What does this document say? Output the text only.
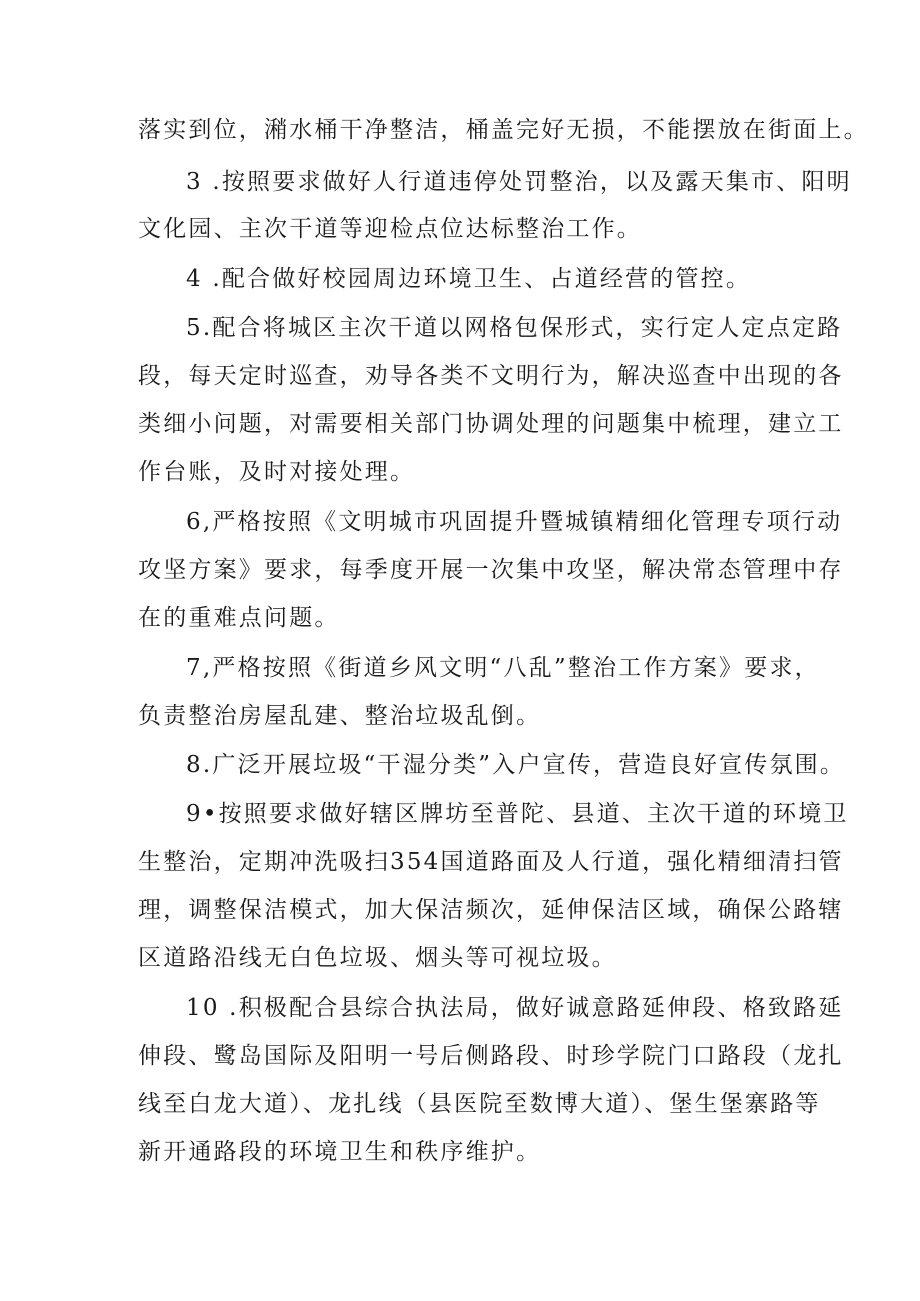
落实到位，潲水桶干净整洁，桶盖完好无损，不能摆放在街面上。
3 .按照要求做好人行道违停处罚整治，以及露天集市、阳明
文化园、主次干道等迎检点位达标整治工作。
4 .配合做好校园周边环境卫生、占道经营的管控。
5.配合将城区主次干道以网格包保形式，实行定人定点定路
段，每天定时巡查，劝导各类不文明行为，解决巡查中出现的各
类细小问题，对需要相关部门协调处理的问题集中梳理，建立工
作台账，及时对接处理。
6,严格按照《文明城市巩固提升暨城镇精细化管理专项行动
攻坚方案》要求，每季度开展一次集中攻坚，解决常态管理中存
在的重难点问题。
7,严格按照《街道乡风文明“八乱”整治工作方案》要求，
负责整治房屋乱建、整治垃圾乱倒。
8.广泛开展垃圾“干湿分类”入户宣传，营造良好宣传氛围。
9•按照要求做好辖区牌坊至普陀、县道、主次干道的环境卫
生整治，定期冲洗吸扫354国道路面及人行道，强化精细清扫管
理，调整保洁模式，加大保洁频次，延伸保洁区域，确保公路辖
区道路沿线无白色垃圾、烟头等可视垃圾。
10 .积极配合县综合执法局，做好诚意路延伸段、格致路延
伸段、鹭岛国际及阳明一号后侧路段、时珍学院门口路段（龙扎
线至白龙大道）、龙扎线（县医院至数博大道）、堡生堡寨路等
新开通路段的环境卫生和秩序维护。
